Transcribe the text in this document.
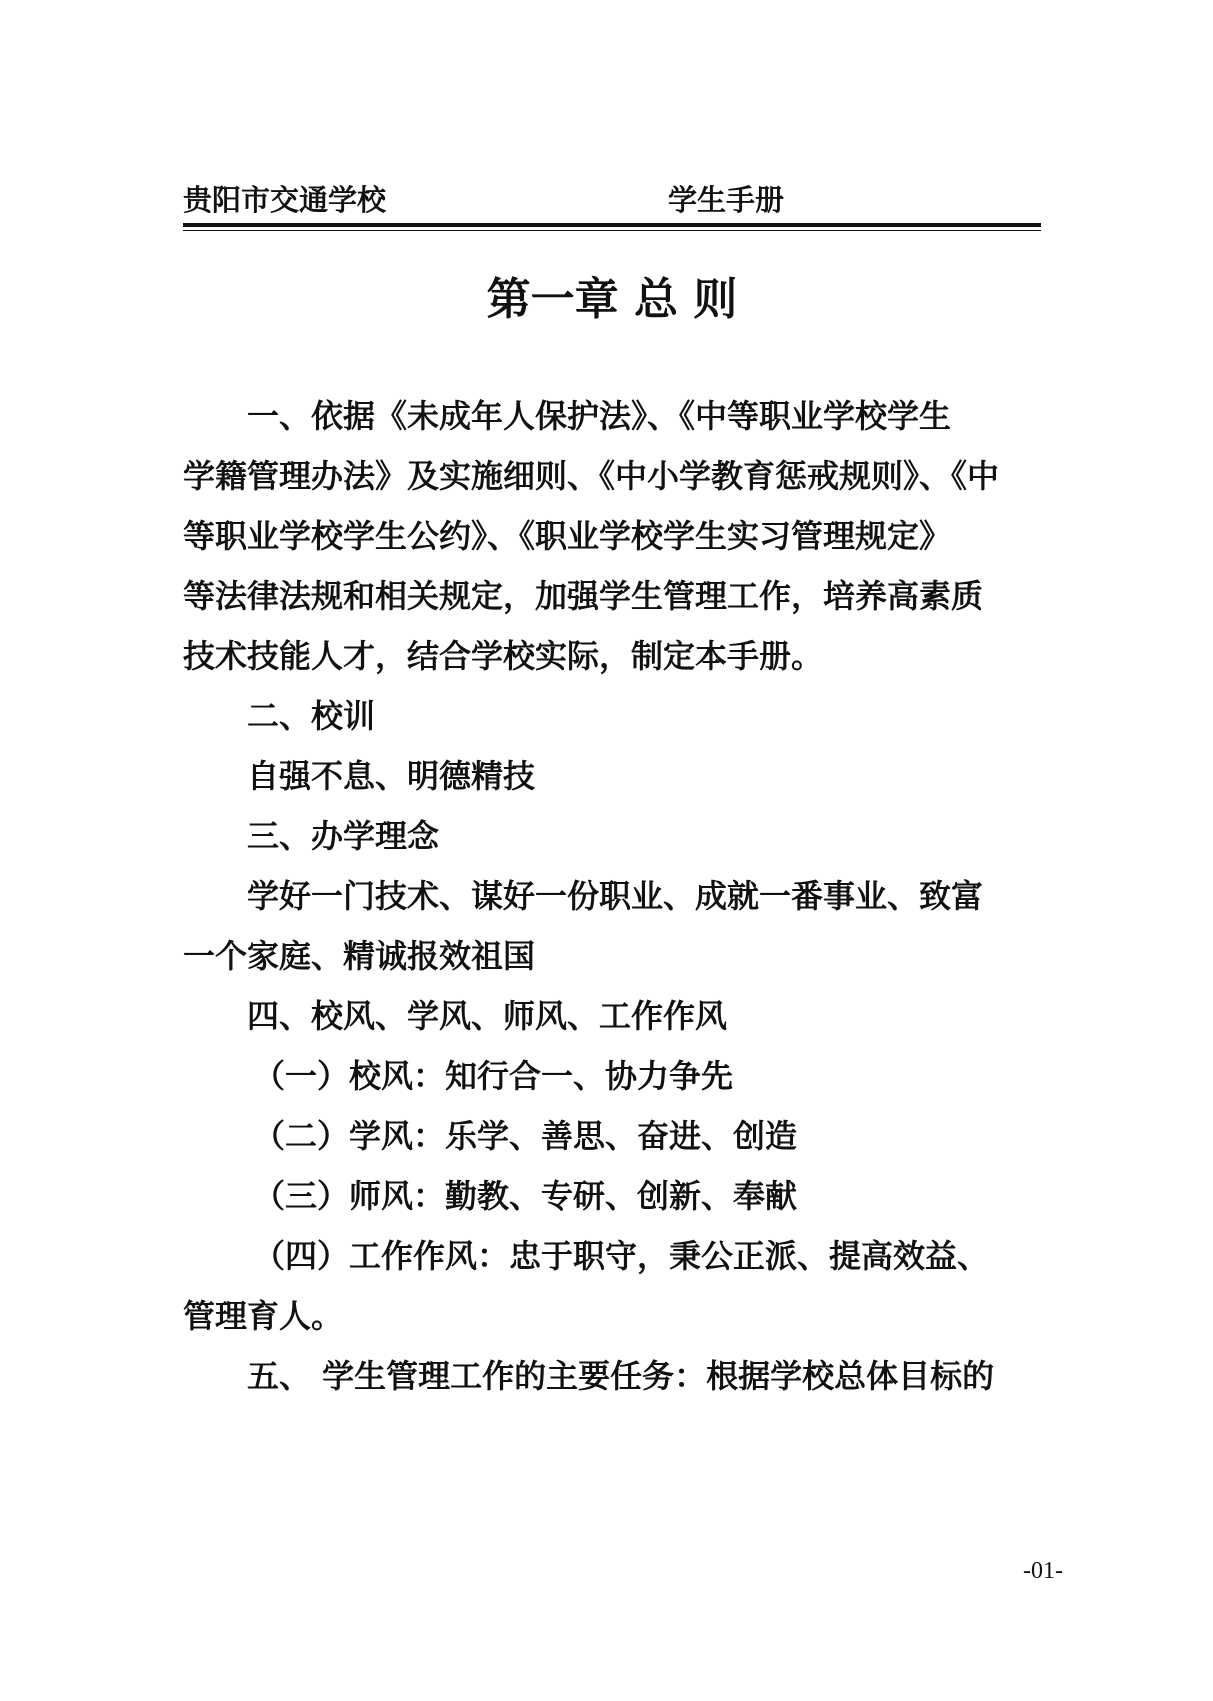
贵阳市交通学校	学生手册
第一章 总 则

一、依据《未成年人保护法》、《中等职业学校学生

学籍管理办法》及实施细则、《中小学教育惩戒规则》、《中

等职业学校学生公约》、《职业学校学生实习管理规定》

等法律法规和相关规定，加强学生管理工作，培养高素质

技术技能人才，结合学校实际，制定本手册。

二、校训

自强不息、明德精技

三、办学理念

学好一门技术、谋好一份职业、成就一番事业、致富

一个家庭、精诚报效祖国

四、校风、学风、师风、工作作风

（一）校风：知行合一、协力争先

（二）学风：乐学、善思、奋进、创造

（三）师风：勤教、专研、创新、奉献

（四）工作作风：忠于职守，秉公正派、提高效益、

管理育人。

五、 学生管理工作的主要任务：根据学校总体目标的

-01-
